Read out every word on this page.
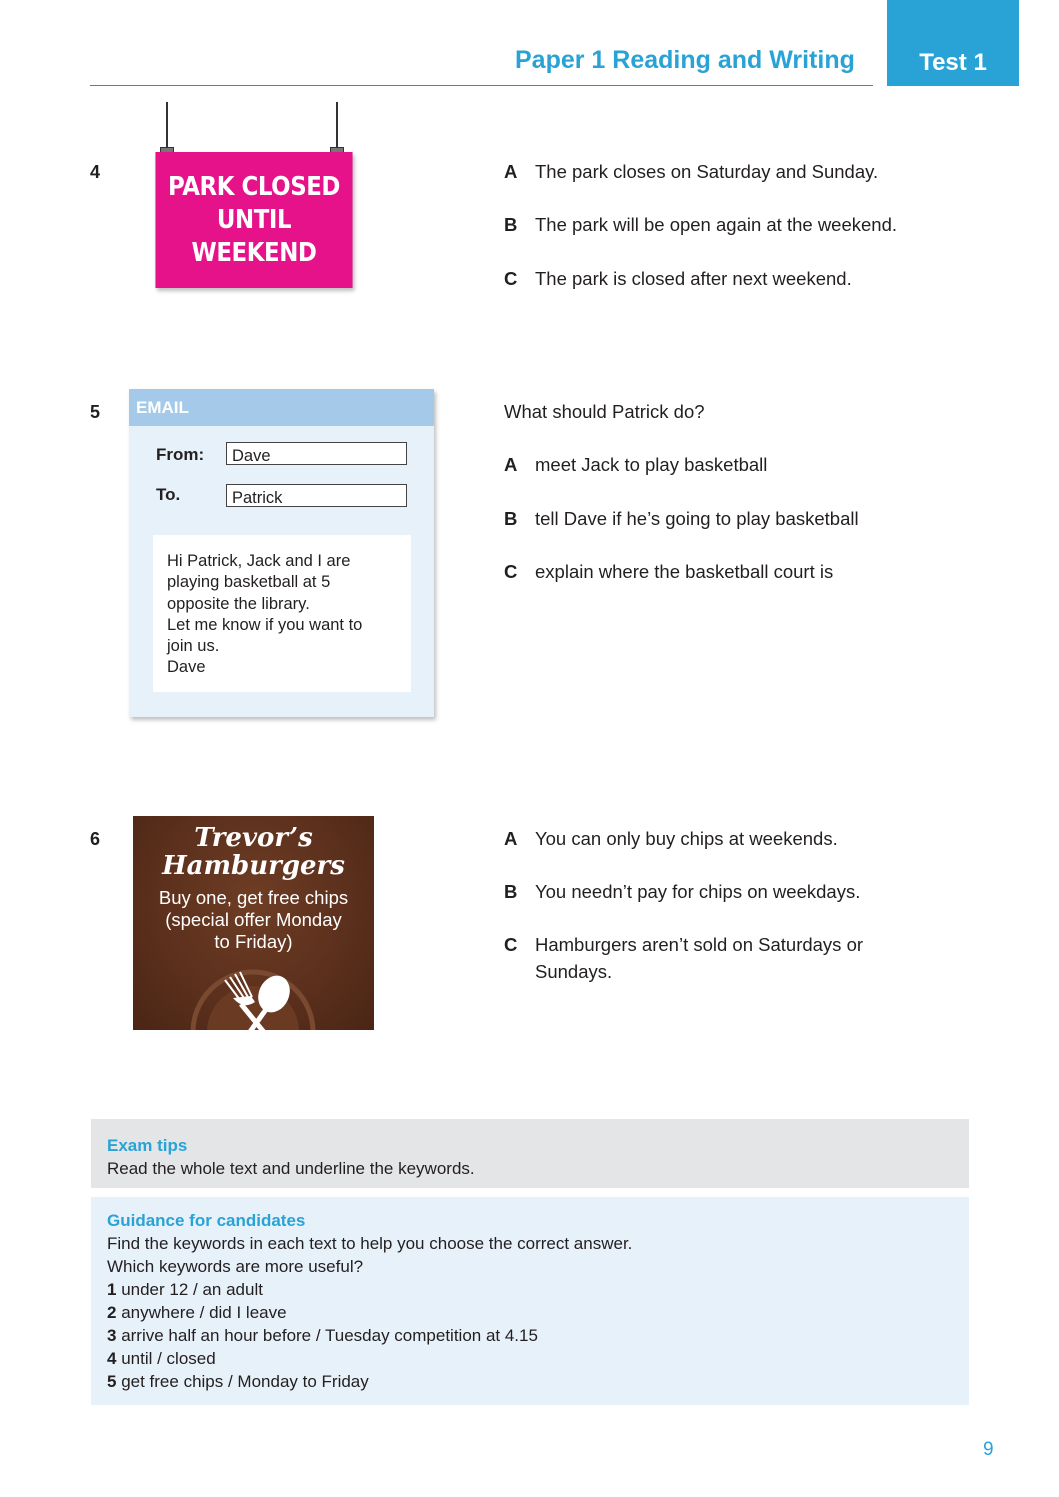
Paper 1 Reading and Writing	Test 1
4	PARK CLOSED
UNTIL WEEKEND
A The park closes on Saturday and Sunday.
B The park will be open again at the weekend.
C The park is closed after next weekend.
5 EMAIL
From:	Dave
To.	Patrick
Hi Patrick, Jack and I are
playing basketball at 5
opposite the library.
Let me know if you want to
join us.
Dave
What should Patrick do?
A meet Jack to play basketball
B tell Dave if he’s going to play basketball
C explain where the basketball court is
6	Trevor’s
Hamburgers
Buy one, get free chips
(special offer Monday
to Friday)
A You can only buy chips at weekends.
B You needn’t pay for chips on weekdays.
C Hamburgers aren’t sold on Saturdays or Sundays.
Exam tips
Read the whole text and underline the keywords.
Guidance for candidates
Find the keywords in each text to help you choose the correct answer.
Which keywords are more useful?
1 under 12 / an adult
2 anywhere / did I leave
3 arrive half an hour before / Tuesday competition at 4.15
4 until / closed
5 get free chips / Monday to Friday
9
